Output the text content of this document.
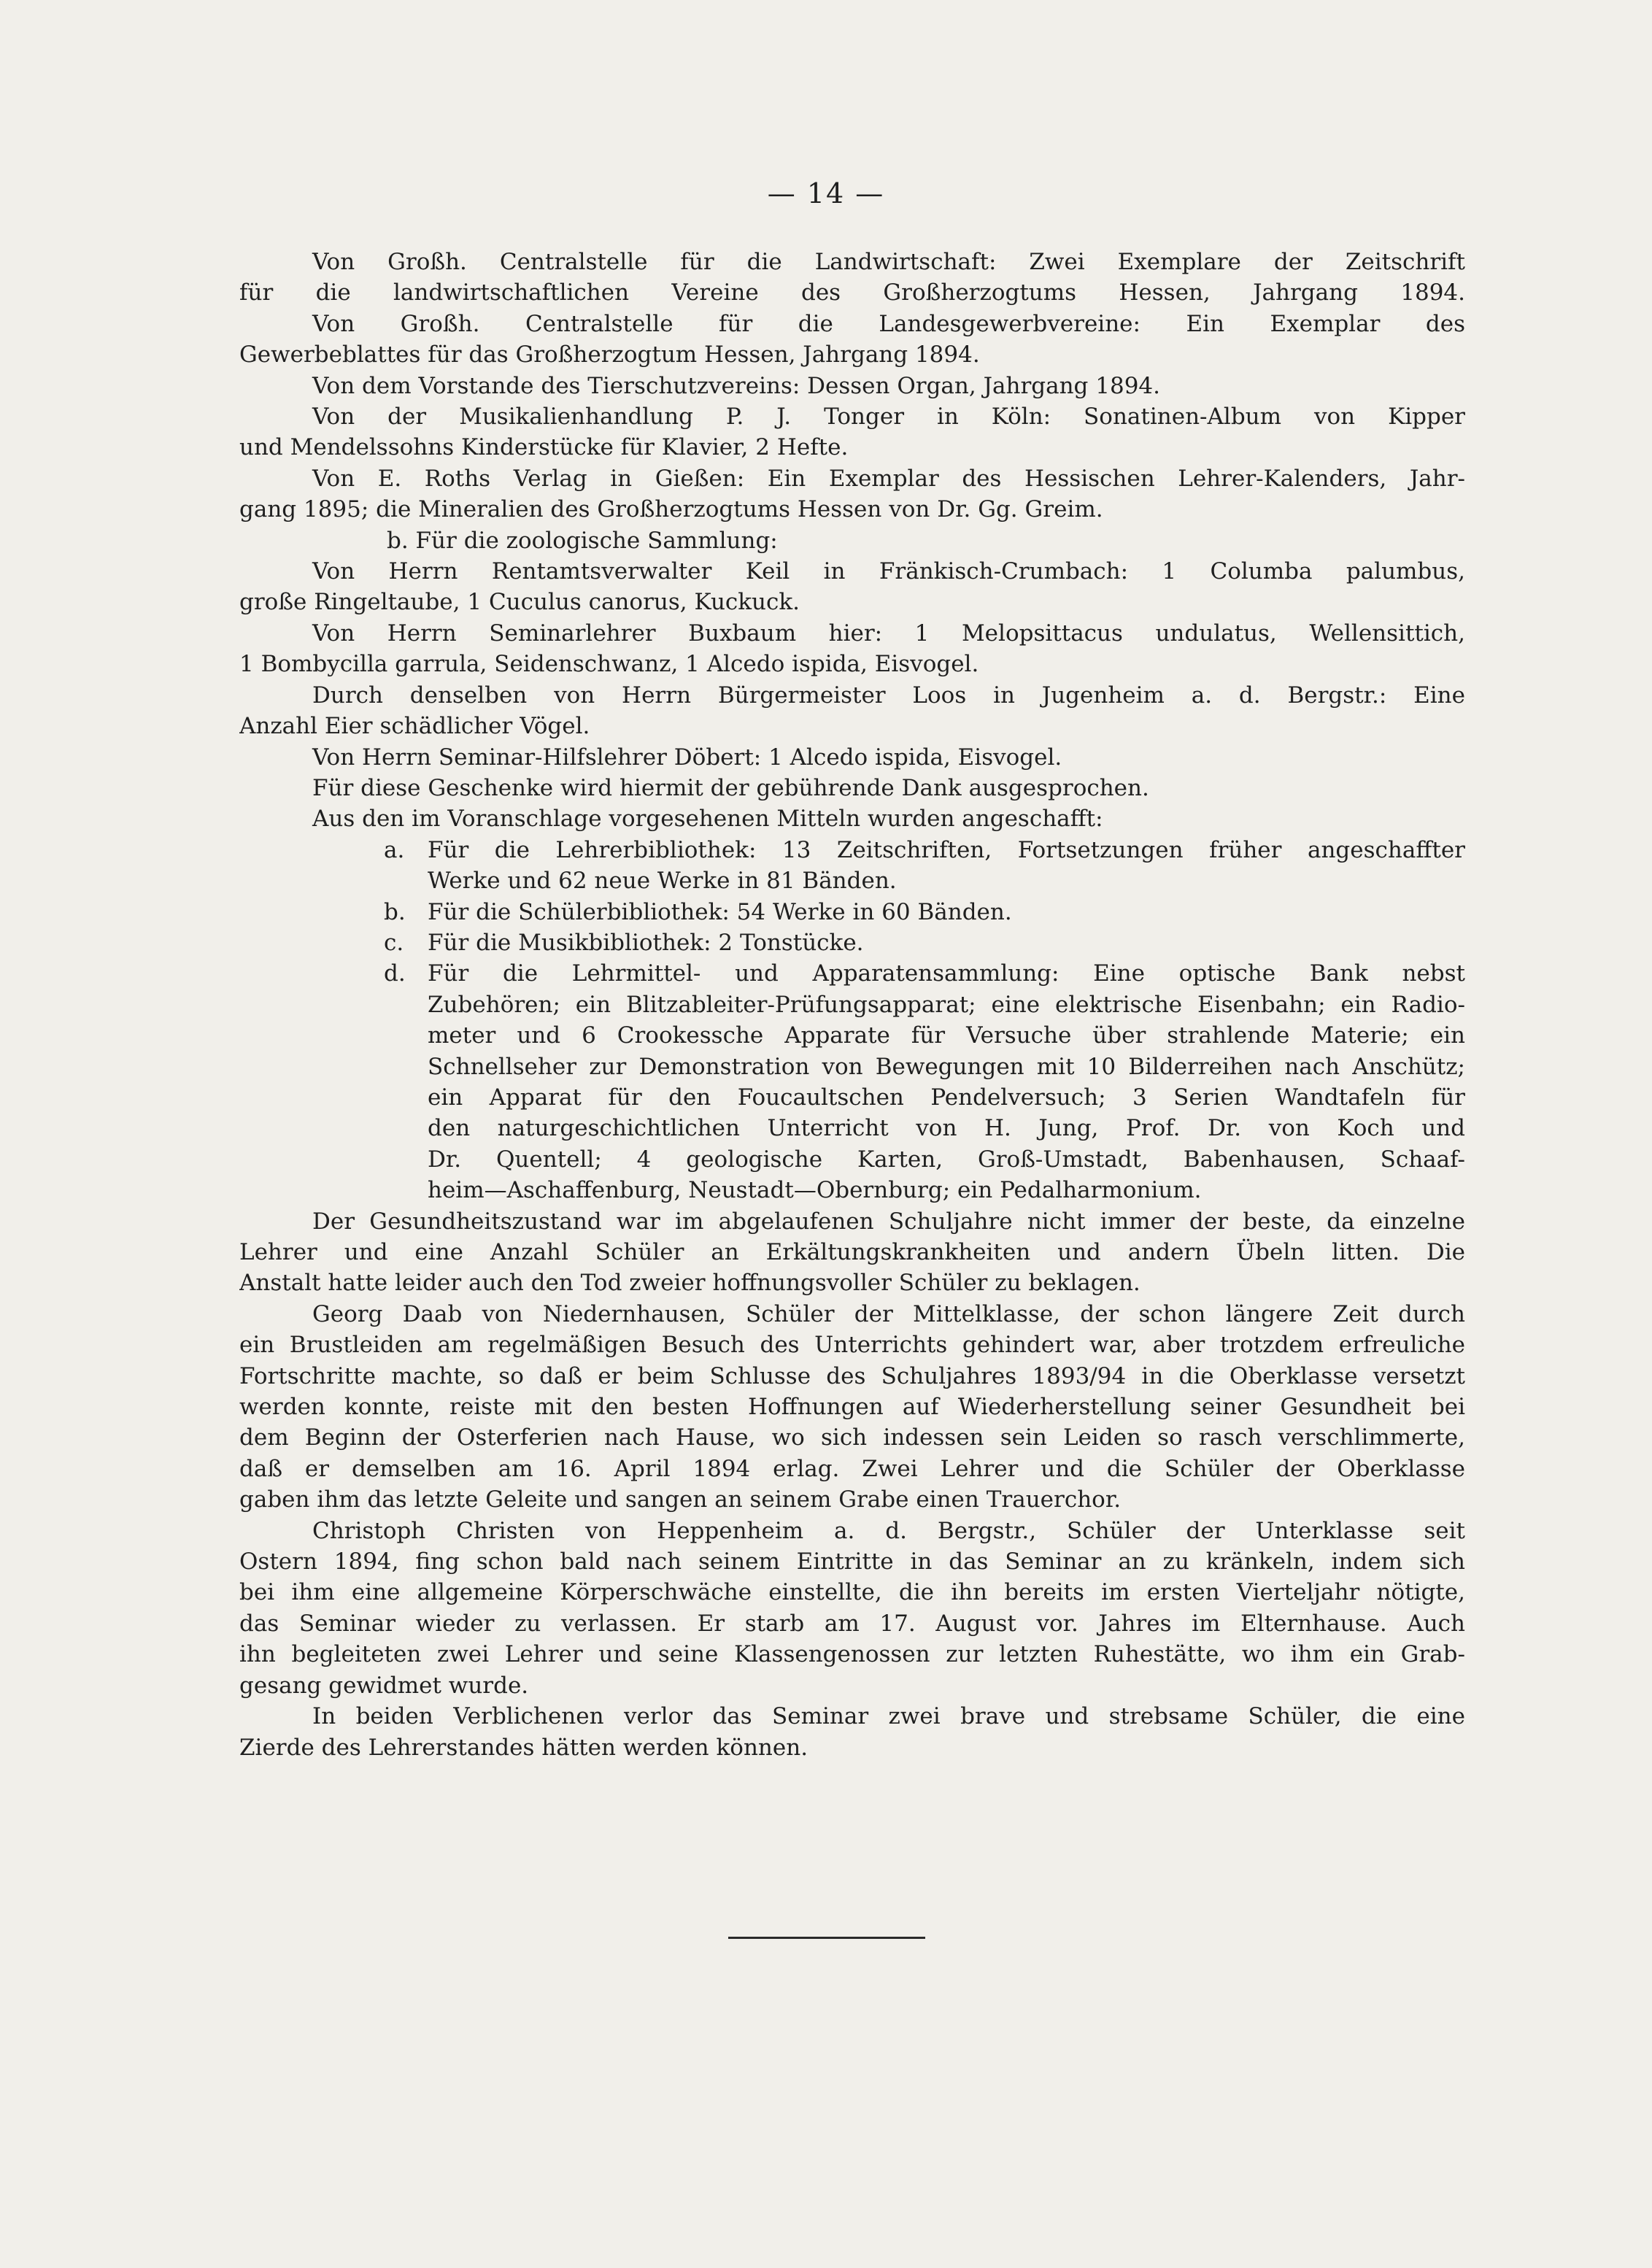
— 14 —
Von Großh. Centralstelle für die Landwirtschaft: Zwei Exemplare der Zeitschrift
für die landwirtschaftlichen Vereine des Großherzogtums Hessen, Jahrgang 1894.
Von Großh. Centralstelle für die Landesgewerbvereine: Ein Exemplar des
Gewerbeblattes für das Großherzogtum Hessen, Jahrgang 1894.
Von dem Vorstande des Tierschutzvereins: Dessen Organ, Jahrgang 1894.
Von der Musikalienhandlung P. J. Tonger in Köln: Sonatinen-Album von Kipper
und Mendelssohns Kinderstücke für Klavier, 2 Hefte.
Von E. Roths Verlag in Gießen: Ein Exemplar des Hessischen Lehrer-Kalenders, Jahr-
gang 1895; die Mineralien des Großherzogtums Hessen von Dr. Gg. Greim.
b. Für die zoologische Sammlung:
Von Herrn Rentamtsverwalter Keil in Fränkisch-Crumbach: 1 Columba palumbus,
große Ringeltaube, 1 Cuculus canorus, Kuckuck.
Von Herrn Seminarlehrer Buxbaum hier: 1 Melopsittacus undulatus, Wellensittich,
1 Bombycilla garrula, Seidenschwanz, 1 Alcedo ispida, Eisvogel.
Durch denselben von Herrn Bürgermeister Loos in Jugenheim a. d. Bergstr.: Eine
Anzahl Eier schädlicher Vögel.
Von Herrn Seminar-Hilfslehrer Döbert: 1 Alcedo ispida, Eisvogel.
Für diese Geschenke wird hiermit der gebührende Dank ausgesprochen.
Aus den im Voranschlage vorgesehenen Mitteln wurden angeschafft:
a. Für die Lehrerbibliothek: 13 Zeitschriften, Fortsetzungen früher angeschaffter
Werke und 62 neue Werke in 81 Bänden.
b. Für die Schülerbibliothek: 54 Werke in 60 Bänden.
c. Für die Musikbibliothek: 2 Tonstücke.
d. Für die Lehrmittel- und Apparatensammlung: Eine optische Bank nebst
Zubehören; ein Blitzableiter-Prüfungsapparat; eine elektrische Eisenbahn; ein Radio-
meter und 6 Crookessche Apparate für Versuche über strahlende Materie; ein
Schnellseher zur Demonstration von Bewegungen mit 10 Bilderreihen nach Anschütz;
ein Apparat für den Foucaultschen Pendelversuch; 3 Serien Wandtafeln für
den naturgeschichtlichen Unterricht von H. Jung, Prof. Dr. von Koch und
Dr. Quentell; 4 geologische Karten, Groß-Umstadt, Babenhausen, Schaaf-
heim—Aschaffenburg, Neustadt—Obernburg; ein Pedalharmonium.
Der Gesundheitszustand war im abgelaufenen Schuljahre nicht immer der beste, da einzelne
Lehrer und eine Anzahl Schüler an Erkältungskrankheiten und andern Übeln litten. Die
Anstalt hatte leider auch den Tod zweier hoffnungsvoller Schüler zu beklagen.
Georg Daab von Niedernhausen, Schüler der Mittelklasse, der schon längere Zeit durch
ein Brustleiden am regelmäßigen Besuch des Unterrichts gehindert war, aber trotzdem erfreuliche
Fortschritte machte, so daß er beim Schlusse des Schuljahres 1893/94 in die Oberklasse versetzt
werden konnte, reiste mit den besten Hoffnungen auf Wiederherstellung seiner Gesundheit bei
dem Beginn der Osterferien nach Hause, wo sich indessen sein Leiden so rasch verschlimmerte,
daß er demselben am 16. April 1894 erlag. Zwei Lehrer und die Schüler der Oberklasse
gaben ihm das letzte Geleite und sangen an seinem Grabe einen Trauerchor.
Christoph Christen von Heppenheim a. d. Bergstr., Schüler der Unterklasse seit
Ostern 1894, fing schon bald nach seinem Eintritte in das Seminar an zu kränkeln, indem sich
bei ihm eine allgemeine Körperschwäche einstellte, die ihn bereits im ersten Vierteljahr nötigte,
das Seminar wieder zu verlassen. Er starb am 17. August vor. Jahres im Elternhause. Auch
ihn begleiteten zwei Lehrer und seine Klassengenossen zur letzten Ruhestätte, wo ihm ein Grab-
gesang gewidmet wurde.
In beiden Verblichenen verlor das Seminar zwei brave und strebsame Schüler, die eine
Zierde des Lehrerstandes hätten werden können.
